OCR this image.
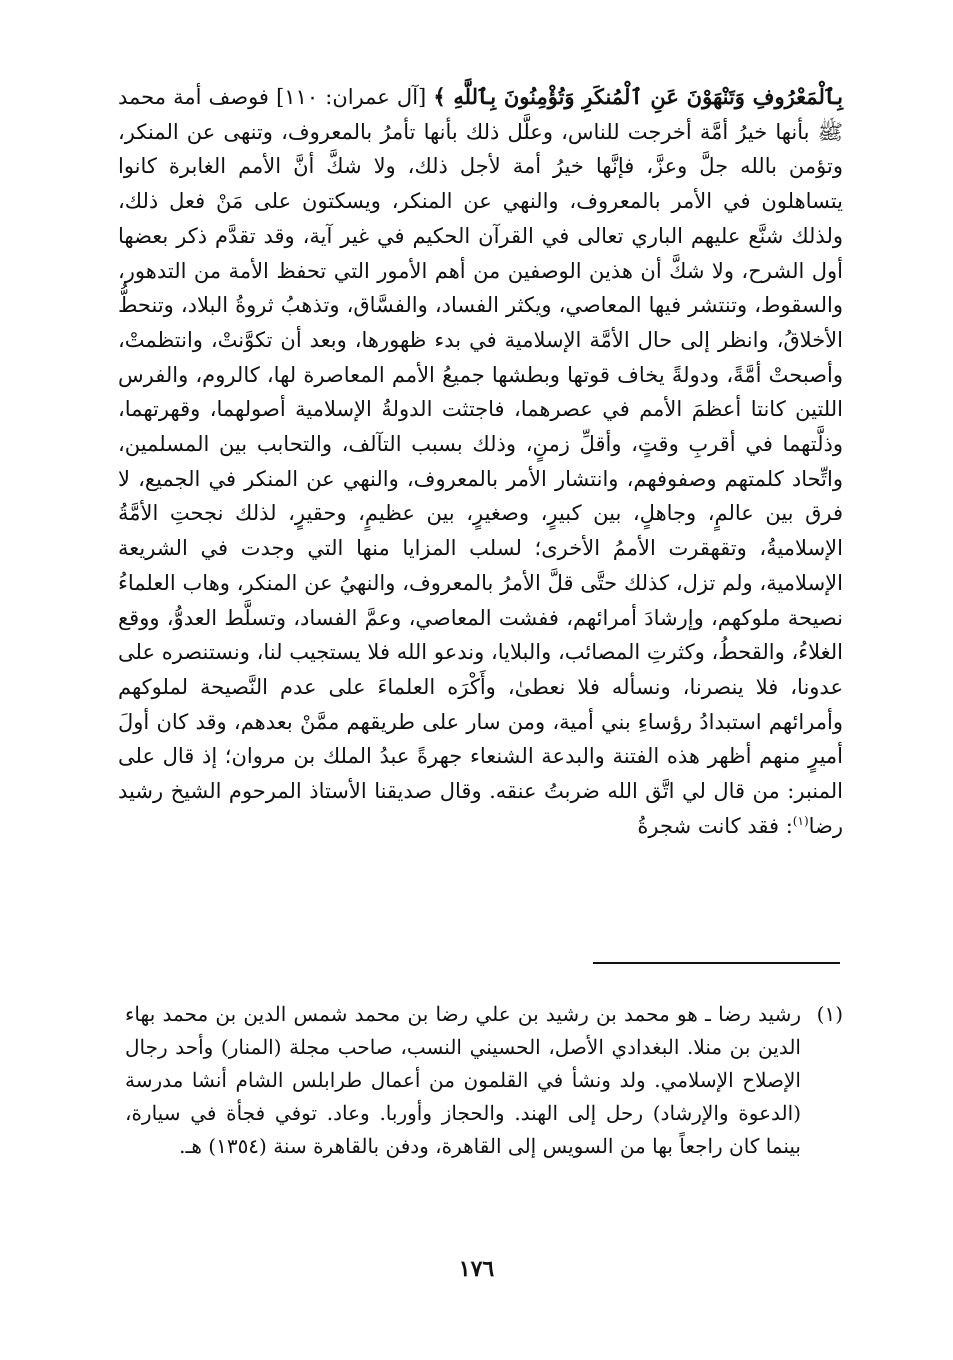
بِٱلْمَعْرُوفِ وَتَنْهَوْنَ عَنِ ٱلْمُنكَرِ وَتُؤْمِنُونَ بِٱللَّهِ ﴾ [آل عمران: ١١٠] فوصف أمة محمد ﷺ بأنها خيرُ أمَّة أخرجت للناس، وعلَّل ذلك بأنها تأمرُ بالمعروف، وتنهى عن المنكر، وتؤمن بالله جلَّ وعزَّ، فإنَّها خيرُ أمة لأجل ذلك، ولا شكَّ أنَّ الأمم الغابرة كانوا يتساهلون في الأمر بالمعروف، والنهي عن المنكر، ويسكتون على مَنْ فعل ذلك، ولذلك شنَّع عليهم الباري تعالى في القرآن الحكيم في غير آية، وقد تقدَّم ذكر بعضها أول الشرح، ولا شكَّ أن هذين الوصفين من أهم الأمور التي تحفظ الأمة من التدهور، والسقوط، وتنتشر فيها المعاصي، ويكثر الفساد، والفسَّاق، وتذهبُ ثروةُ البلاد، وتنحطُّ الأخلاقُ، وانظر إلى حال الأمَّة الإسلامية في بدء ظهورها، وبعد أن تكوَّنتْ، وانتظمتْ، وأصبحتْ أمَّةً، ودولةً يخاف قوتها وبطشها جميعُ الأمم المعاصرة لها، كالروم، والفرس اللتين كانتا أعظمَ الأمم في عصرهما، فاجتثت الدولةُ الإسلامية أصولهما، وقهرتهما، وذلَّتهما في أقربِ وقتٍ، وأقلِّ زمنٍ، وذلك بسبب التآلف، والتحابب بين المسلمين، واتِّحاد كلمتهم وصفوفهم، وانتشار الأمر بالمعروف، والنهي عن المنكر في الجميع، لا فرق بين عالمٍ، وجاهلٍ، بين كبيرٍ، وصغيرٍ، بين عظيمٍ، وحقيرٍ، لذلك نجحتِ الأمَّةُ الإسلاميةُ، وتقهقرت الأممُ الأخرى؛ لسلب المزايا منها التي وجدت في الشريعة الإسلامية، ولم تزل، كذلك حتَّى قلَّ الأمرُ بالمعروف، والنهيُ عن المنكر، وهاب العلماءُ نصيحة ملوكهم، وإرشادَ أمرائهم، ففشت المعاصي، وعمَّ الفساد، وتسلَّط العدوُّ، ووقع الغلاءُ، والقحطُ، وكثرتِ المصائب، والبلايا، وندعو الله فلا يستجيب لنا، ونستنصره على عدونا، فلا ينصرنا، ونسأله فلا نعطىٰ، وأَكْرَه العلماءَ على عدم النَّصيحة لملوكهم وأمرائهم استبدادُ رؤساءِ بني أمية، ومن سار على طريقهم ممَّنْ بعدهم، وقد كان أولَ أميرٍ منهم أظهر هذه الفتنة والبدعة الشنعاء جهرةً عبدُ الملك بن مروان؛ إذ قال على المنبر: من قال لي اتَّق الله ضربتُ عنقه. وقال صديقنا الأستاذ المرحوم الشيخ رشيد رضا$^{(١)}$: فقد كانت شجرةُ

(١)
رشيد رضا ـ هو محمد بن رشيد بن علي رضا بن محمد شمس الدين بن محمد بهاء الدين بن منلا. البغدادي الأصل، الحسيني النسب، صاحب مجلة (المنار) وأحد رجال الإصلاح الإسلامي. ولد ونشأ في القلمون من أعمال طرابلس الشام أنشا مدرسة (الدعوة والإرشاد) رحل إلى الهند. والحجاز وأوربا. وعاد. توفي فجأة في سيارة، بينما كان راجعاً بها من السويس إلى القاهرة، ودفن بالقاهرة سنة (١٣٥٤) هـ.
١٧٦
